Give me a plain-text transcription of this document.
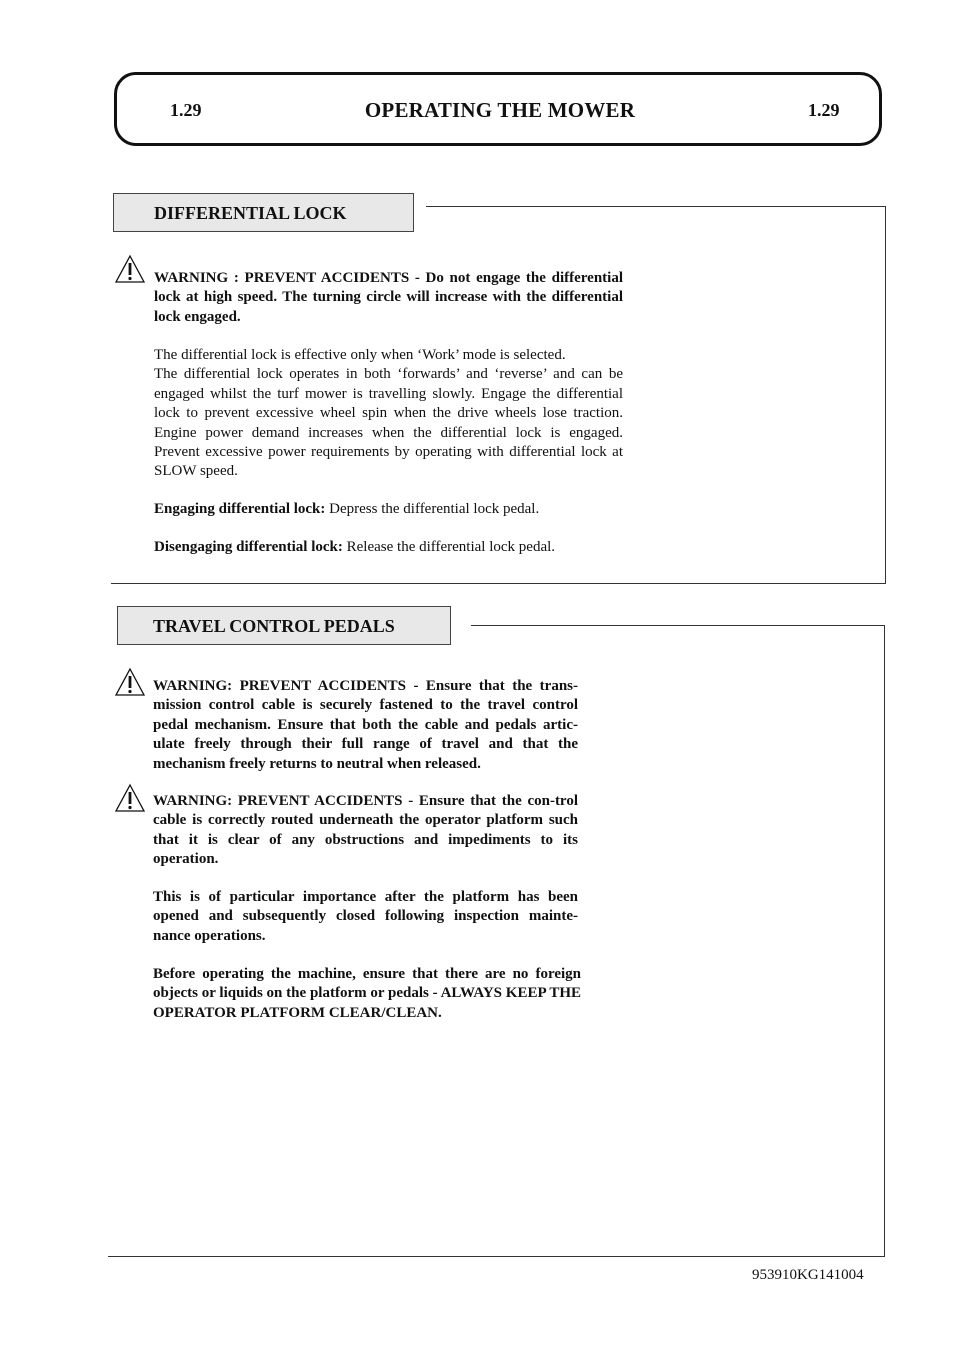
1.29	OPERATING THE MOWER	1.29
DIFFERENTIAL LOCK
WARNING : PREVENT ACCIDENTS - Do not engage the differential lock at high speed. The turning circle will increase with the differential lock engaged.
The differential lock is effective only when ‘Work’ mode is selected.
The differential lock operates in both ‘forwards’ and ‘reverse’ and can be engaged whilst the turf mower is travelling slowly. Engage the differential lock to prevent excessive wheel spin when the drive wheels lose traction. Engine power demand increases when the differential lock is engaged. Prevent excessive power requirements by operating with differential lock at SLOW speed.
Engaging differential lock: Depress the differential lock pedal.
Disengaging differential lock: Release the differential lock pedal.
TRAVEL CONTROL PEDALS
WARNING: PREVENT ACCIDENTS - Ensure that the trans-mission control cable is securely fastened to the travel control pedal mechanism. Ensure that both the cable and pedals artic-ulate freely through their full range of travel and that the mechanism freely returns to neutral when released.
WARNING: PREVENT ACCIDENTS - Ensure that the con-trol cable is correctly routed underneath the operator platform such that it is clear of any obstructions and impediments to its operation.
This is of particular importance after the platform has been opened and subsequently closed following inspection mainte-nance operations.
Before operating the machine, ensure that there are no foreign objects or liquids on the platform or pedals - ALWAYS KEEP THE OPERATOR PLATFORM CLEAR/CLEAN.
953910KG141004
